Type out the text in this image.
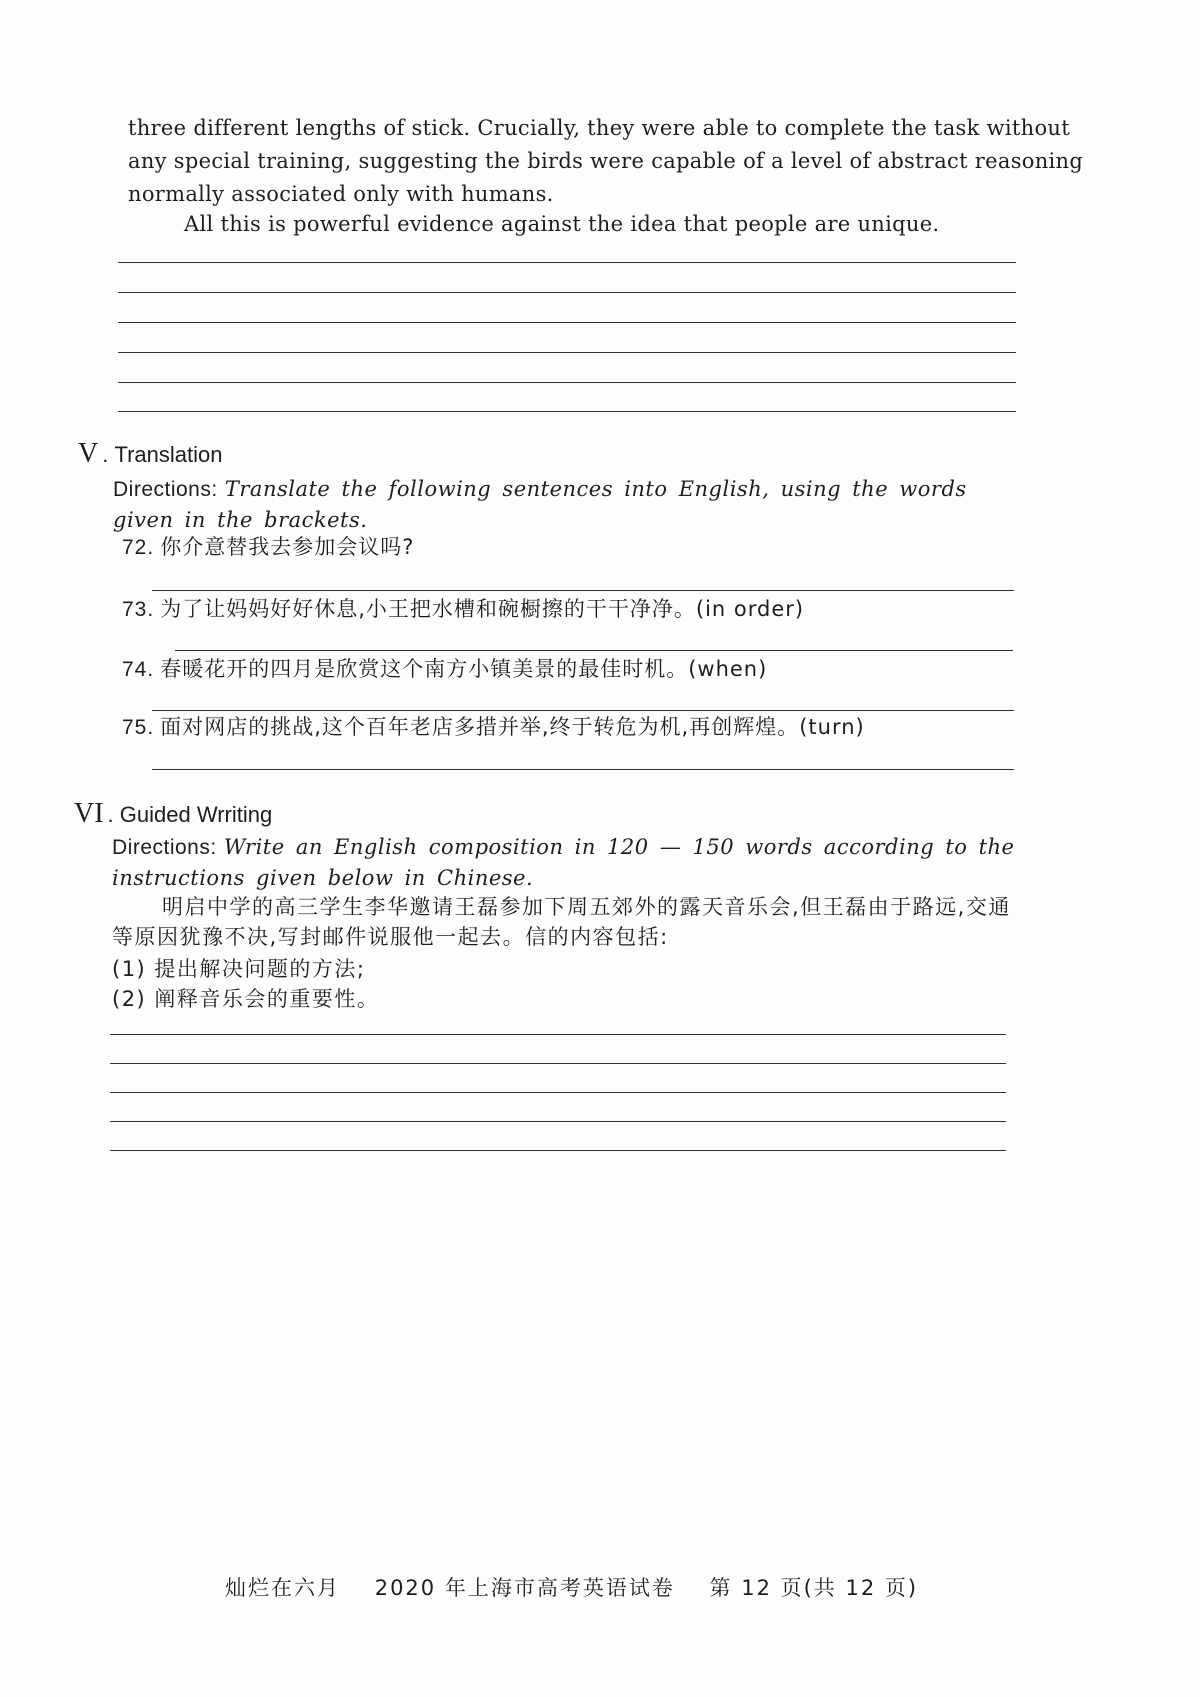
three different lengths of stick. Crucially, they were able to complete the task without
any special training, suggesting the birds were capable of a level of abstract reasoning
normally associated only with humans.
All this is powerful evidence against the idea that people are unique.
V . Translation
Directions: Translate the following sentences into English, using the words given in the brackets.
72. 你介意替我去参加会议吗?
73. 为了让妈妈好好休息,小王把水槽和碗橱擦的干干净净。(in order)
74. 春暖花开的四月是欣赏这个南方小镇美景的最佳时机。(when)
75. 面对网店的挑战,这个百年老店多措并举,终于转危为机,再创辉煌。(turn)
VI . Guided Wrriting
Directions: Write an English composition in 120 — 150 words according to the instructions given below in Chinese.
明启中学的高三学生李华邀请王磊参加下周五郊外的露天音乐会,但王磊由于路远,交通等原因犹豫不决,写封邮件说服他一起去。信的内容包括:
(1) 提出解决问题的方法;
(2) 阐释音乐会的重要性。
灿烂在六月 2020 年上海市高考英语试卷 第 12 页(共 12 页)
